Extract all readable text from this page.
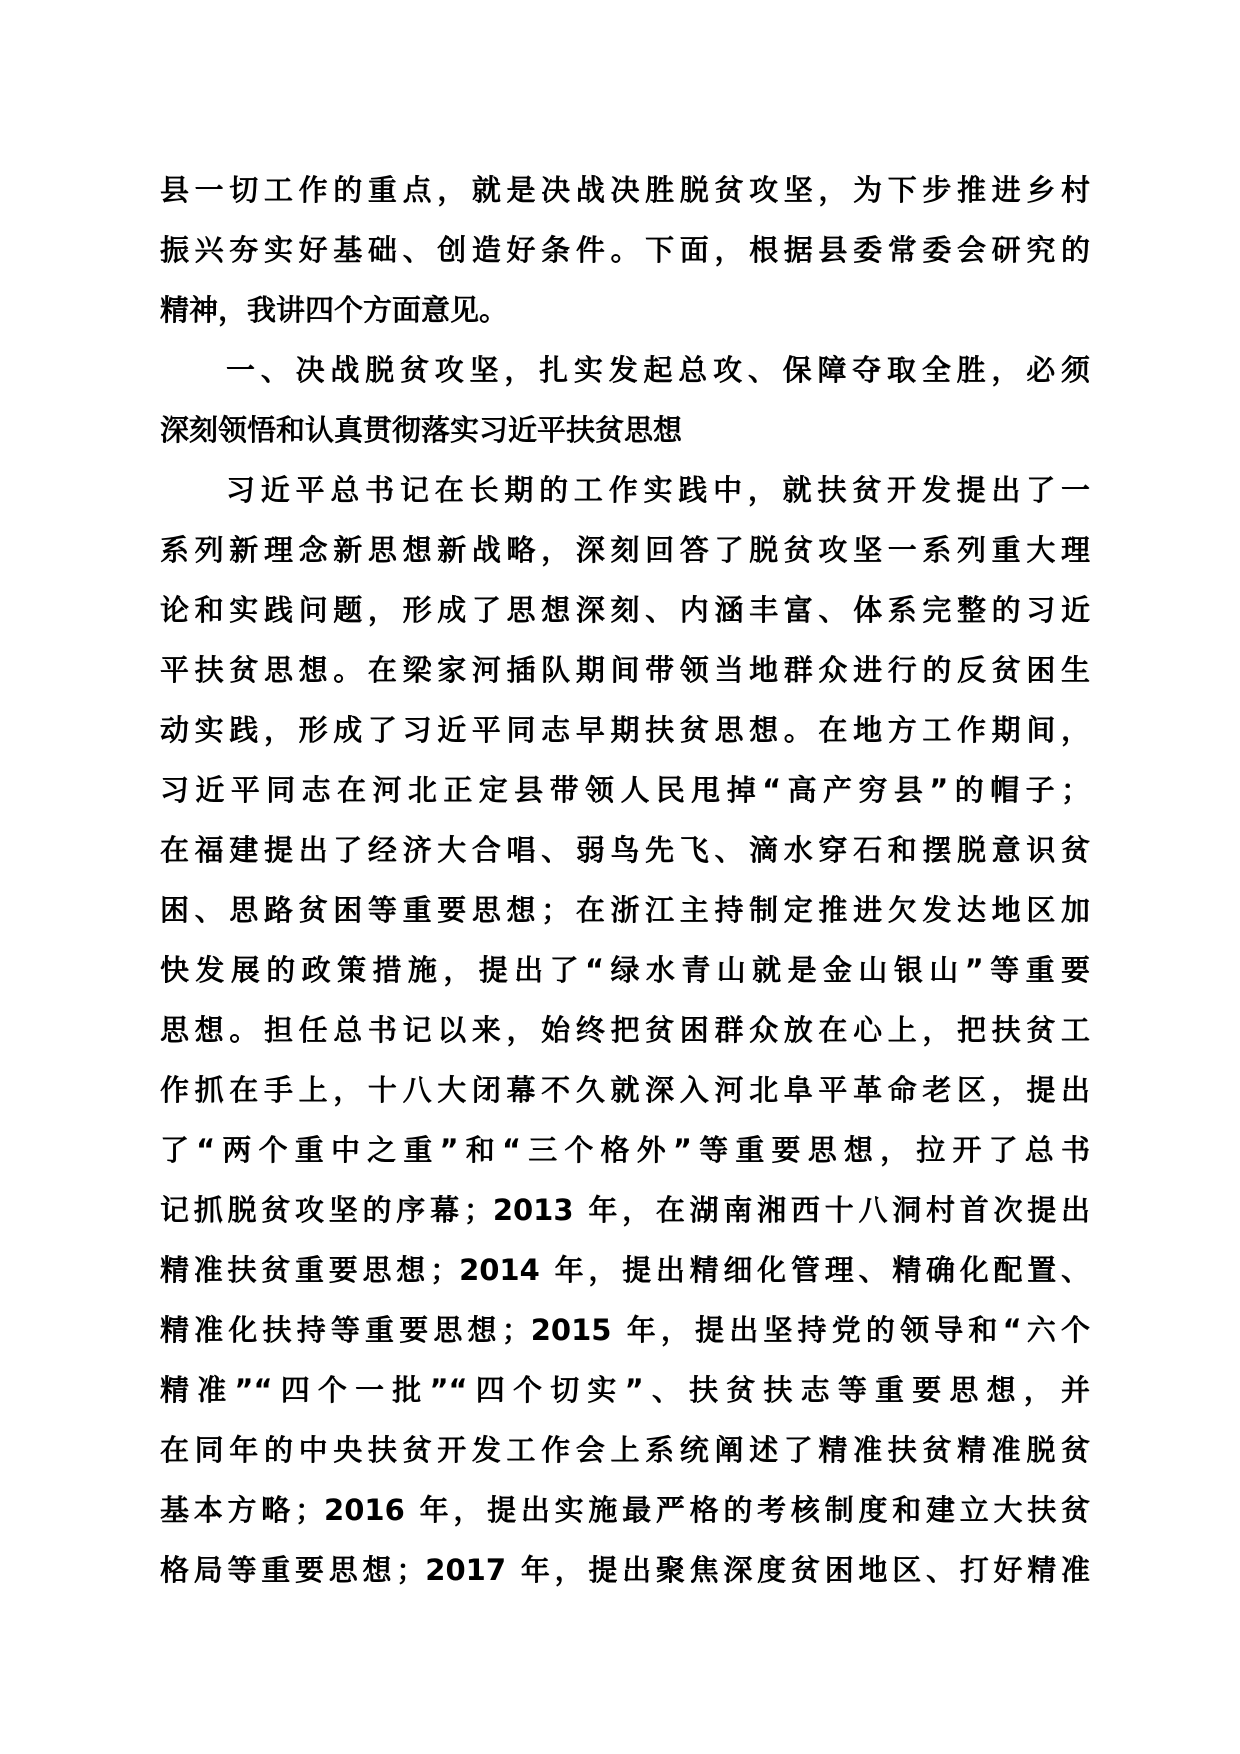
县一切工作的重点，就是决战决胜脱贫攻坚，为下步推进乡村
振兴夯实好基础、创造好条件。下面，根据县委常委会研究的
精神，我讲四个方面意见。
一、决战脱贫攻坚，扎实发起总攻、保障夺取全胜，必须
深刻领悟和认真贯彻落实习近平扶贫思想
习近平总书记在长期的工作实践中，就扶贫开发提出了一
系列新理念新思想新战略，深刻回答了脱贫攻坚一系列重大理
论和实践问题，形成了思想深刻、内涵丰富、体系完整的习近
平扶贫思想。在梁家河插队期间带领当地群众进行的反贫困生
动实践，形成了习近平同志早期扶贫思想。在地方工作期间，
习近平同志在河北正定县带领人民甩掉“高产穷县”的帽子；
在福建提出了经济大合唱、弱鸟先飞、滴水穿石和摆脱意识贫
困、思路贫困等重要思想；在浙江主持制定推进欠发达地区加
快发展的政策措施，提出了“绿水青山就是金山银山”等重要
思想。担任总书记以来，始终把贫困群众放在心上，把扶贫工
作抓在手上，十八大闭幕不久就深入河北阜平革命老区，提出
了“两个重中之重”和“三个格外”等重要思想，拉开了总书
记抓脱贫攻坚的序幕；2013 年，在湖南湘西十八洞村首次提出
精准扶贫重要思想；2014 年，提出精细化管理、精确化配置、
精准化扶持等重要思想；2015 年，提出坚持党的领导和“六个
精准”“四个一批”“四个切实”、扶贫扶志等重要思想，并
在同年的中央扶贫开发工作会上系统阐述了精准扶贫精准脱贫
基本方略；2016 年，提出实施最严格的考核制度和建立大扶贫
格局等重要思想；2017 年，提出聚焦深度贫困地区、打好精准
